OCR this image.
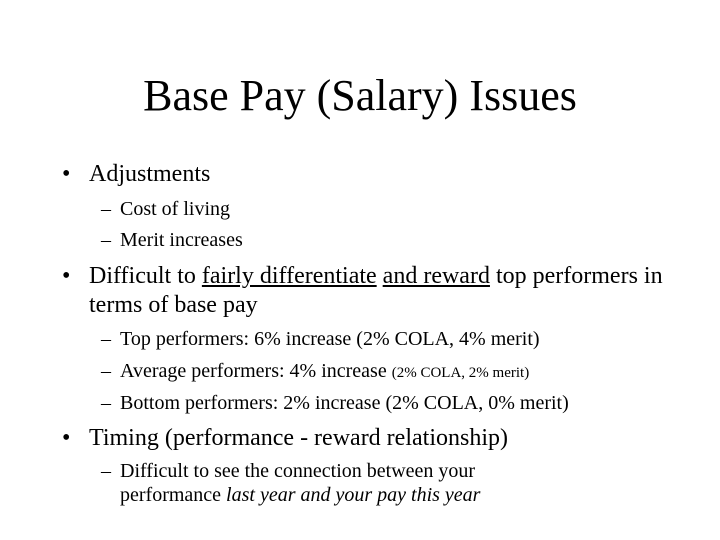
Base Pay (Salary) Issues
• Adjustments
– Cost of living
– Merit increases
• Difficult to fairly differentiate and reward top performers in terms of base pay
– Top performers: 6% increase (2% COLA, 4% merit)
– Average performers: 4% increase (2% COLA, 2% merit)
– Bottom performers: 2% increase (2% COLA, 0% merit)
• Timing (performance - reward relationship)
– Difficult to see the connection between your performance last year and your pay this year
